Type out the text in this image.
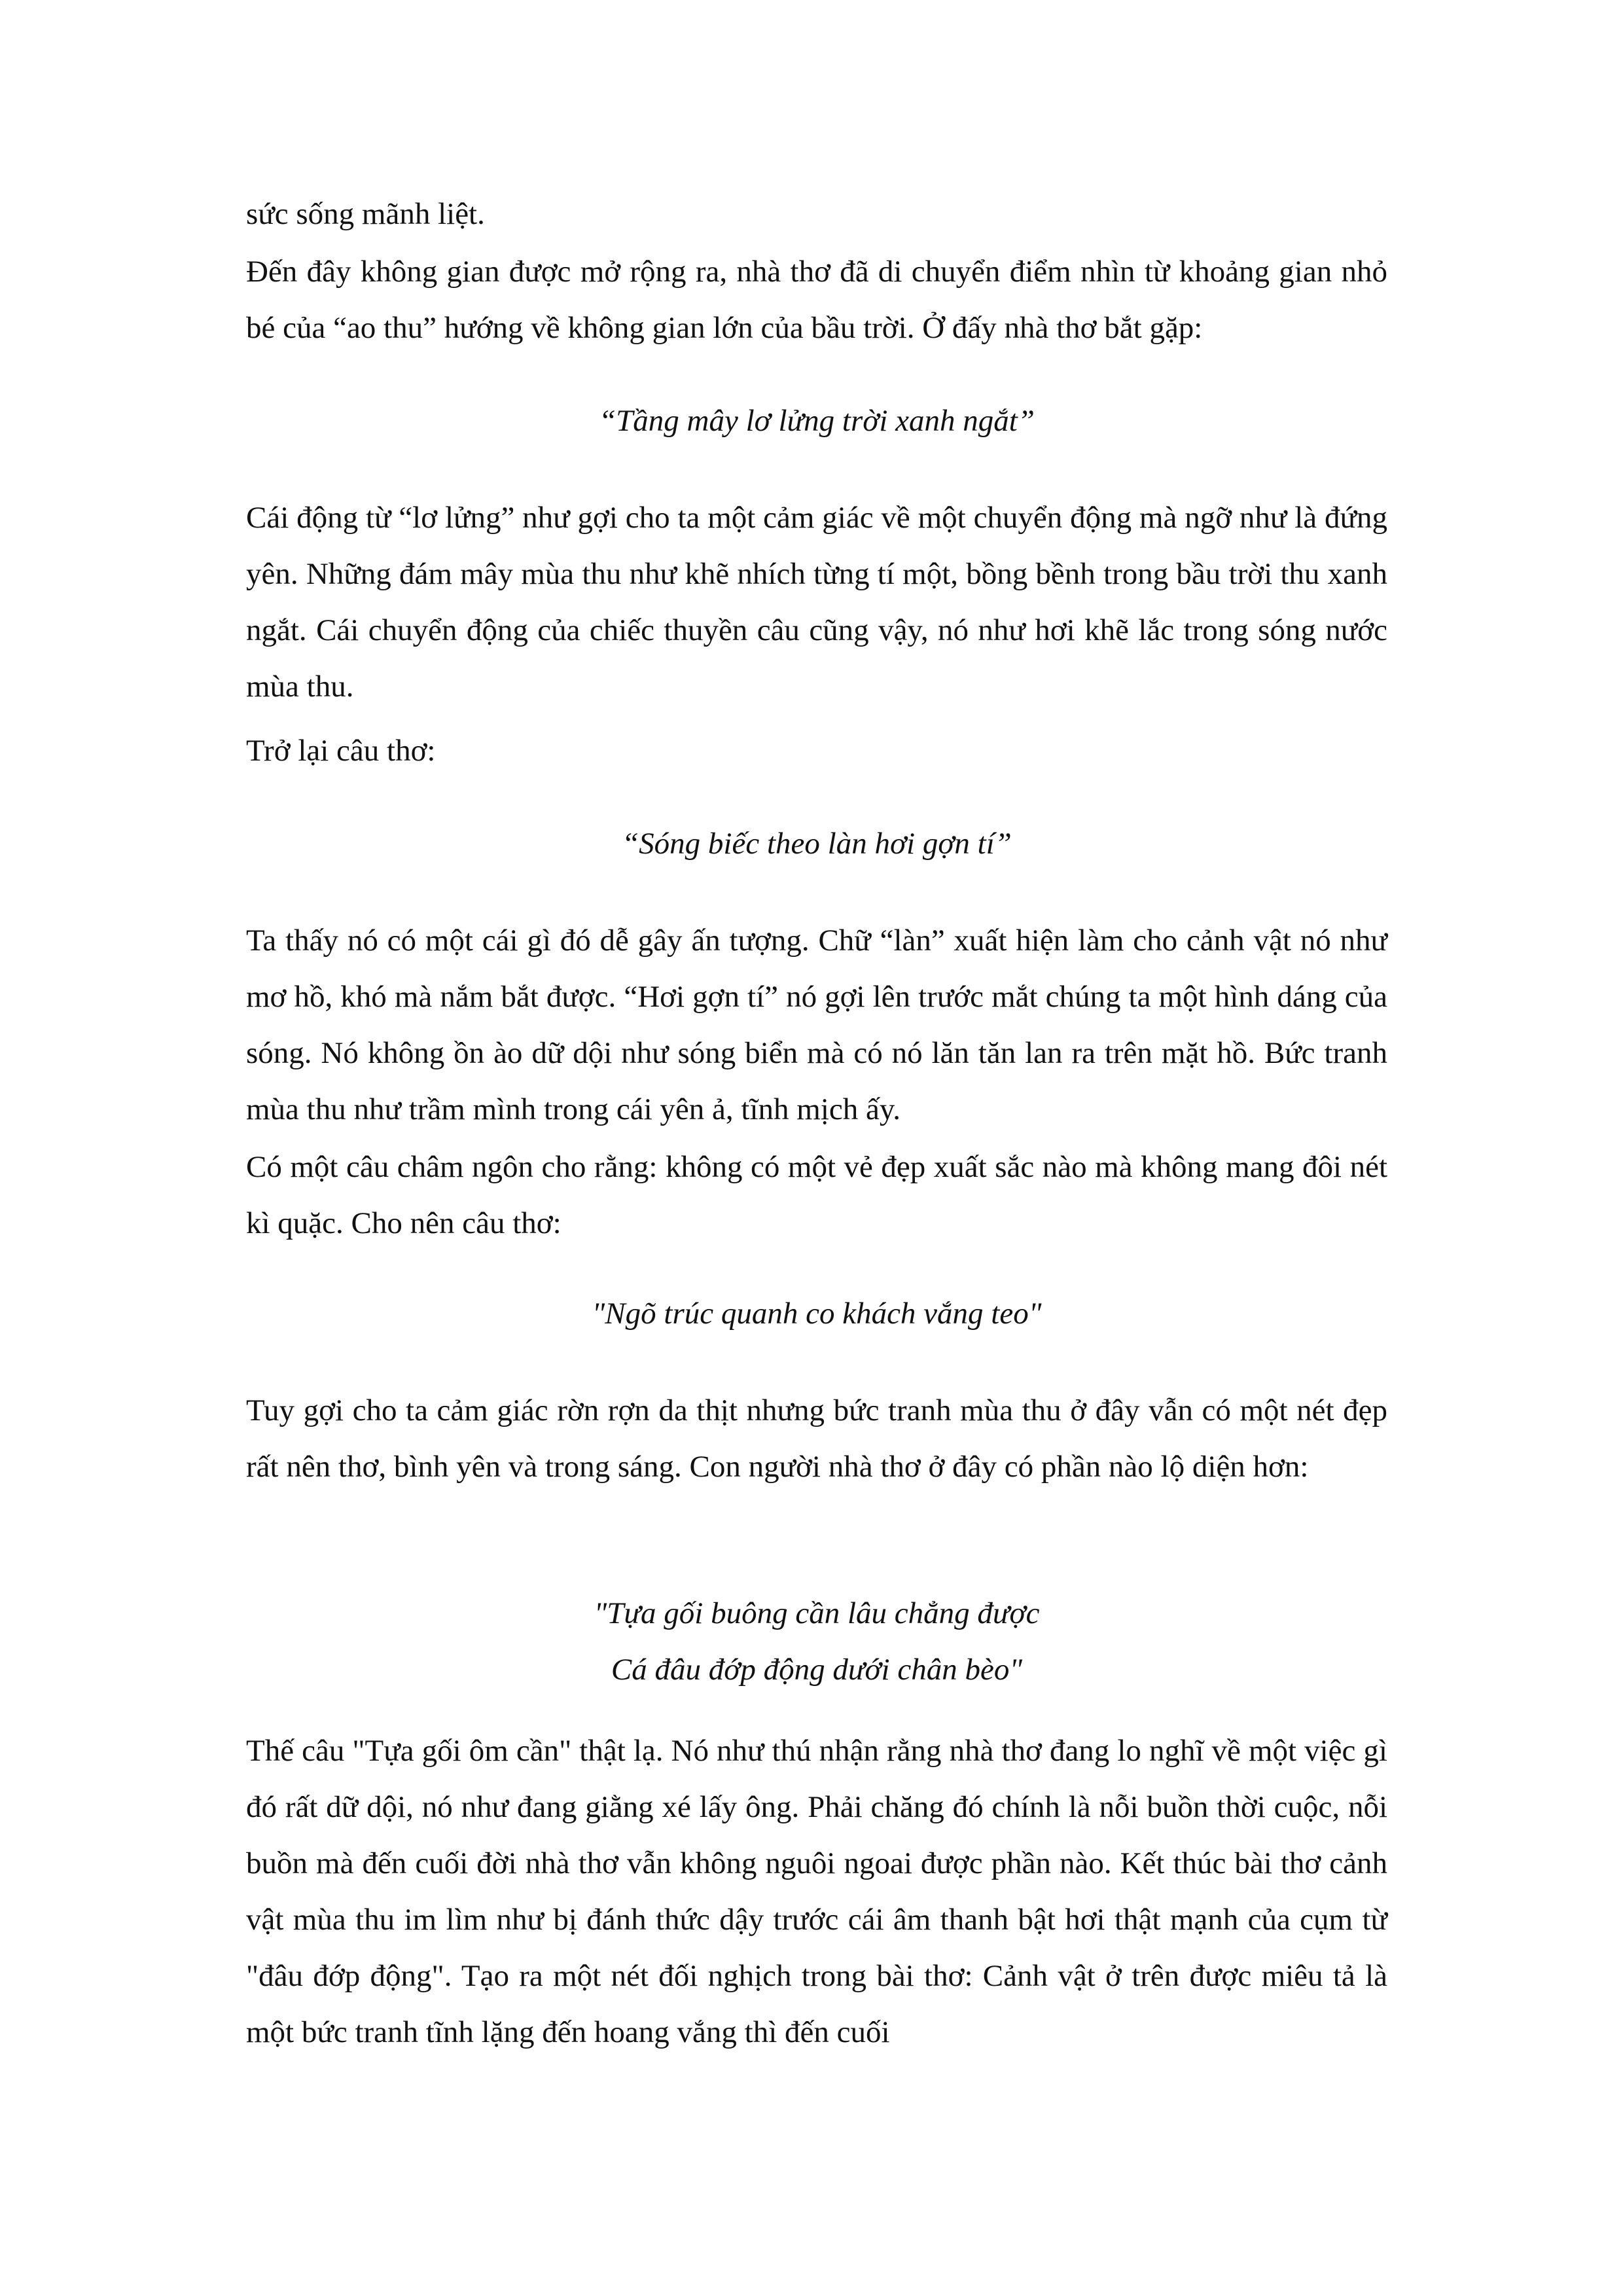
sức sống mãnh liệt.

Đến đây không gian được mở rộng ra, nhà thơ đã di chuyển điểm nhìn từ khoảng gian nhỏ bé của “ao thu” hướng về không gian lớn của bầu trời. Ở đấy nhà thơ bắt gặp:

“Tầng mây lơ lửng trời xanh ngắt”

Cái động từ “lơ lửng” như gợi cho ta một cảm giác về một chuyển động mà ngỡ như là đứng yên. Những đám mây mùa thu như khẽ nhích từng tí một, bồng bềnh trong bầu trời thu xanh ngắt. Cái chuyển động của chiếc thuyền câu cũng vậy, nó như hơi khẽ lắc trong sóng nước mùa thu.

Trở lại câu thơ:

“Sóng biếc theo làn hơi gợn tí”

Ta thấy nó có một cái gì đó dễ gây ấn tượng. Chữ “làn” xuất hiện làm cho cảnh vật nó như mơ hồ, khó mà nắm bắt được. “Hơi gợn tí” nó gợi lên trước mắt chúng ta một hình dáng của sóng. Nó không ồn ào dữ dội như sóng biển mà có nó lăn tăn lan ra trên mặt hồ. Bức tranh mùa thu như trầm mình trong cái yên ả, tĩnh mịch ấy.

Có một câu châm ngôn cho rằng: không có một vẻ đẹp xuất sắc nào mà không mang đôi nét kì quặc. Cho nên câu thơ:

"Ngõ trúc quanh co khách vắng teo"

Tuy gợi cho ta cảm giác rờn rợn da thịt nhưng bức tranh mùa thu ở đây vẫn có một nét đẹp rất nên thơ, bình yên và trong sáng. Con người nhà thơ ở đây có phần nào lộ diện hơn:

"Tựa gối buông cần lâu chẳng được
Cá đâu đớp động dưới chân bèo"

Thế câu "Tựa gối ôm cần" thật lạ. Nó như thú nhận rằng nhà thơ đang lo nghĩ về một việc gì đó rất dữ dội, nó như đang giằng xé lấy ông. Phải chăng đó chính là nỗi buồn thời cuộc, nỗi buồn mà đến cuối đời nhà thơ vẫn không nguôi ngoai được phần nào. Kết thúc bài thơ cảnh vật mùa thu im lìm như bị đánh thức dậy trước cái âm thanh bật hơi thật mạnh của cụm từ "đâu đớp động". Tạo ra một nét đối nghịch trong bài thơ: Cảnh vật ở trên được miêu tả là một bức tranh tĩnh lặng đến hoang vắng thì đến cuối
